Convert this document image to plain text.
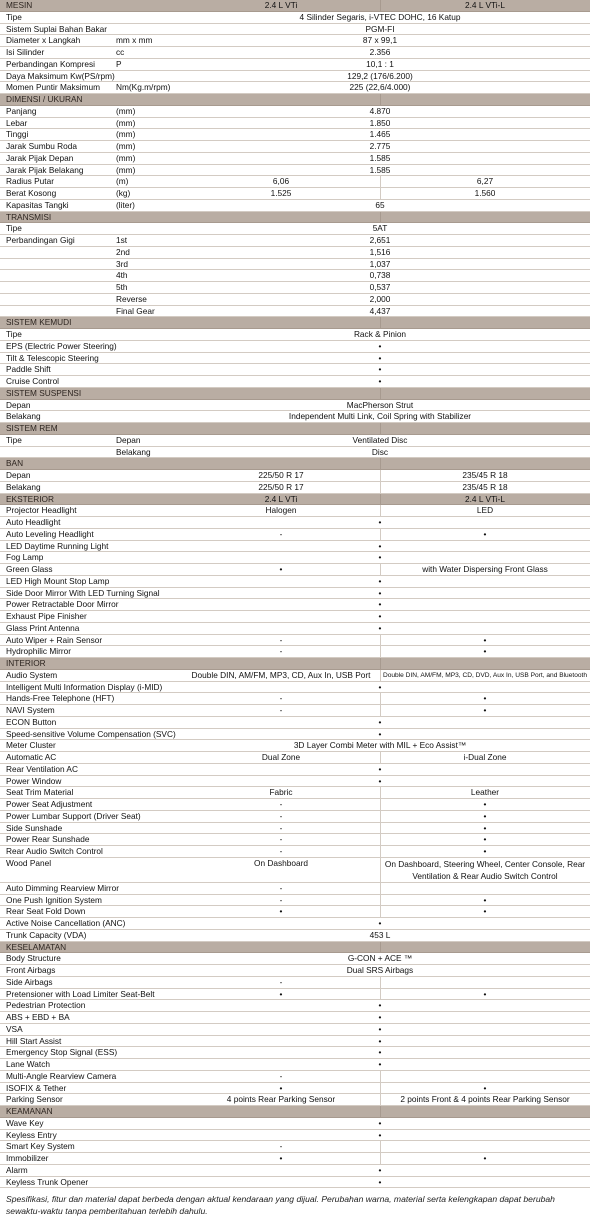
MESIN	2.4 L VTi	2.4 L VTi-L
Tipe	4 Silinder Segaris, i-VTEC DOHC, 16 Katup
Sistem Suplai Bahan Bakar	PGM-FI
Diameter x Langkah	mm x mm	87 x 99,1
Isi Silinder	cc	2.356
Perbandingan Kompresi	P	10,1 : 1
Daya Maksimum Kw(PS/rpm)	129,2 (176/6.200)
Momen Puntir Maksimum Nm(Kg.m/rpm)	225 (22,6/4.000)
DIMENSI / UKURAN
Panjang	(mm)	4.870
Lebar	(mm)	1.850
Tinggi	(mm)	1.465
Jarak Sumbu Roda	(mm)	2.775
Jarak Pijak Depan	(mm)	1.585
Jarak Pijak Belakang	(mm)	1.585
Radius Putar	(m)	6,06	6,27
Berat Kosong	(kg)	1.525	1.560
Kapasitas Tangki	(liter)	65
TRANSMISI
Tipe	5AT
Perbandingan Gigi	1st	2,651
2nd	1,516
3rd	1,037
4th	0,738
5th	0,537
Reverse	2,000
Final Gear	4,437
SISTEM KEMUDI
Tipe	Rack & Pinion
EPS (Electric Power Steering)	•
Tilt & Telescopic Steering	•
Paddle Shift	•
Cruise Control	•
SISTEM SUSPENSI
Depan	MacPherson Strut
Belakang	Independent Multi Link, Coil Spring with Stabilizer
SISTEM REM
Tipe	Depan	Ventilated Disc
Belakang	Disc
BAN
Depan	225/50 R 17	235/45 R 18
Belakang	225/50 R 17	235/45 R 18
EKSTERIOR	2.4 L VTi	2.4 L VTi-L
Projector Headlight	Halogen	LED
Auto Headlight	•
Auto Leveling Headlight	-	•
LED Daytime Running Light	•
Fog Lamp	•
Green Glass	•	with Water Dispersing Front Glass
LED High Mount Stop Lamp	•
Side Door Mirror With LED Turning Signal	•
Power Retractable Door Mirror	•
Exhaust Pipe Finisher	•
Glass Print Antenna	•
Auto Wiper + Rain Sensor	-	•
Hydrophilic Mirror	-	•
INTERIOR
Audio System	Double DIN, AM/FM, MP3, CD, Aux In, USB Port	Double DIN, AM/FM, MP3, CD, DVD, Aux In, USB Port, and Bluetooth
Intelligent Multi Information Display (i-MID)	•
Hands-Free Telephone (HFT)	-	•
NAVI System	-	•
ECON Button	•
Speed-sensitive Volume Compensation (SVC)	•
Meter Cluster	3D Layer Combi Meter with MIL + Eco Assist™
Automatic AC	Dual Zone	i-Dual Zone
Rear Ventilation AC	•
Power Window	•
Seat Trim Material	Fabric	Leather
Power Seat Adjustment	-	•
Power Lumbar Support (Driver Seat)	-	•
Side Sunshade	-	•
Power Rear Sunshade	-	•
Rear Audio Switch Control	-	•
Wood Panel	On Dashboard	On Dashboard, Steering Wheel, Center Console, Rear Ventilation & Rear Audio Switch Control
Auto Dimming Rearview Mirror	-
One Push Ignition System	-	•
Rear Seat Fold Down	•	•
Active Noise Cancellation (ANC)	•
Trunk Capacity (VDA)	453 L
KESELAMATAN
Body Structure	G-CON + ACE ™
Front Airbags	Dual SRS Airbags
Side Airbags	-
Pretensioner with Load Limiter Seat-Belt	•	•
Pedestrian Protection	•
ABS + EBD + BA	•
VSA	•
Hill Start Assist	•
Emergency Stop Signal (ESS)	•
Lane Watch	•
Multi-Angle Rearview Camera	-
ISOFIX & Tether	•	•
Parking Sensor	4 points Rear Parking Sensor	2 points Front & 4 points Rear Parking Sensor
KEAMANAN
Wave Key	•
Keyless Entry	•
Smart Key System	-
Immobilizer	•	•
Alarm	•
Keyless Trunk Opener	•
Spesifikasi, fitur dan material dapat berbeda dengan aktual kendaraan yang dijual. Perubahan warna, material serta kelengkapan dapat berubah sewaktu-waktu tanpa pemberitahuan terlebih dahulu.
